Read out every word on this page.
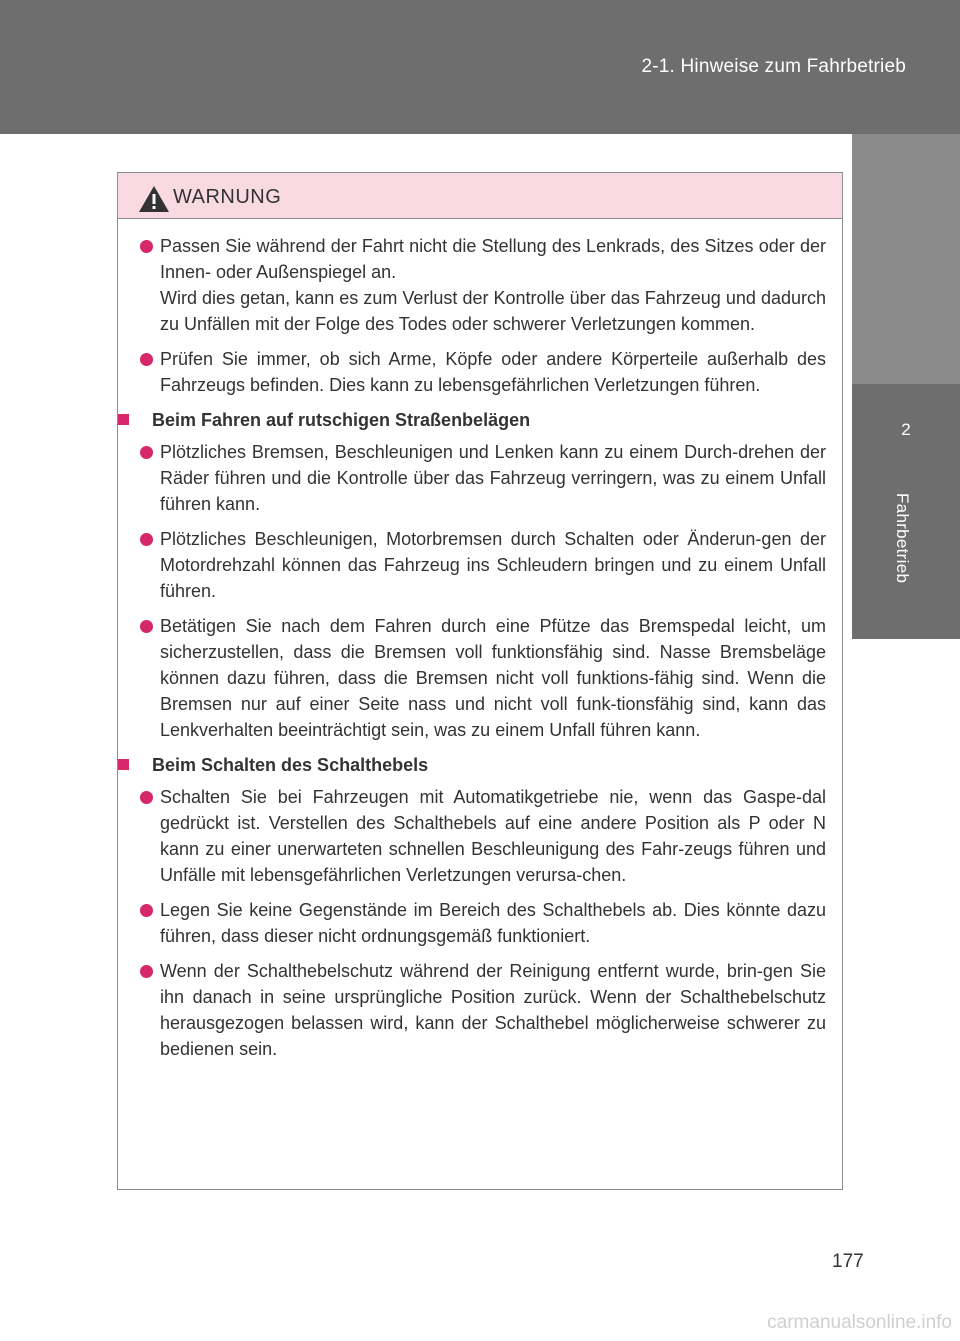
2-1. Hinweise zum Fahrbetrieb
2
Fahrbetrieb
WARNUNG
Passen Sie während der Fahrt nicht die Stellung des Lenkrads, des Sitzes oder der Innen- oder Außenspiegel an.
Wird dies getan, kann es zum Verlust der Kontrolle über das Fahrzeug und dadurch zu Unfällen mit der Folge des Todes oder schwerer Verletzungen kommen.
Prüfen Sie immer, ob sich Arme, Köpfe oder andere Körperteile außerhalb des Fahrzeugs befinden. Dies kann zu lebensgefährlichen Verletzungen führen.
Beim Fahren auf rutschigen Straßenbelägen
Plötzliches Bremsen, Beschleunigen und Lenken kann zu einem Durch-drehen der Räder führen und die Kontrolle über das Fahrzeug verringern, was zu einem Unfall führen kann.
Plötzliches Beschleunigen, Motorbremsen durch Schalten oder Änderun-gen der Motordrehzahl können das Fahrzeug ins Schleudern bringen und zu einem Unfall führen.
Betätigen Sie nach dem Fahren durch eine Pfütze das Bremspedal leicht, um sicherzustellen, dass die Bremsen voll funktionsfähig sind. Nasse Bremsbeläge können dazu führen, dass die Bremsen nicht voll funktions-fähig sind. Wenn die Bremsen nur auf einer Seite nass und nicht voll funk-tionsfähig sind, kann das Lenkverhalten beeinträchtigt sein, was zu einem Unfall führen kann.
Beim Schalten des Schalthebels
Schalten Sie bei Fahrzeugen mit Automatikgetriebe nie, wenn das Gaspe-dal gedrückt ist. Verstellen des Schalthebels auf eine andere Position als P oder N kann zu einer unerwarteten schnellen Beschleunigung des Fahr-zeugs führen und Unfälle mit lebensgefährlichen Verletzungen verursa-chen.
Legen Sie keine Gegenstände im Bereich des Schalthebels ab. Dies könnte dazu führen, dass dieser nicht ordnungsgemäß funktioniert.
Wenn der Schalthebelschutz während der Reinigung entfernt wurde, brin-gen Sie ihn danach in seine ursprüngliche Position zurück. Wenn der Schalthebelschutz herausgezogen belassen wird, kann der Schalthebel möglicherweise schwerer zu bedienen sein.
177
carmanualsonline.info
